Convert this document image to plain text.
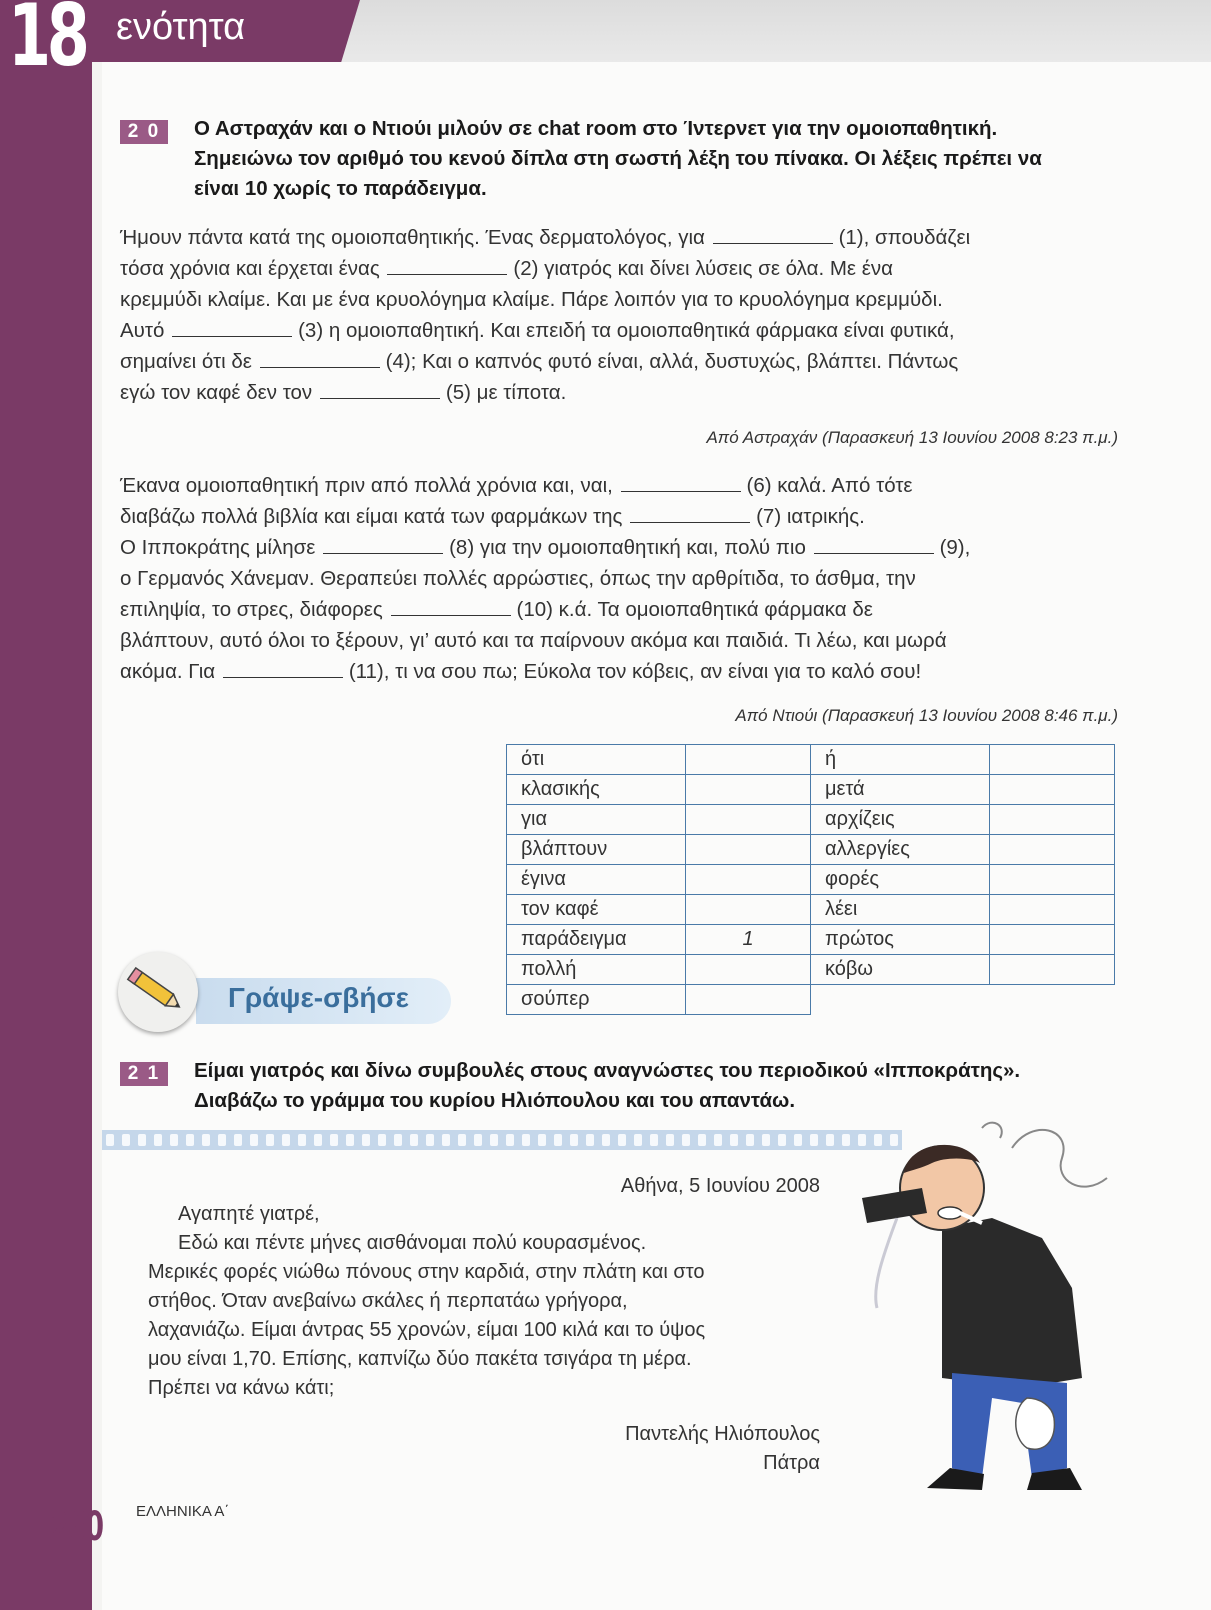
18 ενότητα
2 0	Ο Αστραχάν και ο Ντιούι μιλούν σε chat room στο Ίντερνετ για την ομοιοπαθητική.
Σημειώνω τον αριθμό του κενού δίπλα στη σωστή λέξη του πίνακα. Οι λέξεις πρέπει να
είναι 10 χωρίς το παράδειγμα.
Ήμουν πάντα κατά της ομοιοπαθητικής. Ένας δερματολόγος, για	(1), σπουδάζει
τόσα χρόνια και έρχεται ένας	(2) γιατρός και δίνει λύσεις σε όλα. Με ένα
κρεμμύδι κλαίμε. Και με ένα κρυολόγημα κλαίμε. Πάρε λοιπόν για το κρυολόγημα κρεμμύδι.
Αυτό	(3) η ομοιοπαθητική. Και επειδή τα ομοιοπαθητικά φάρμακα είναι φυτικά,
σημαίνει ότι δε	(4); Και ο καπνός φυτό είναι, αλλά, δυστυχώς, βλάπτει. Πάντως
εγώ τον καφέ δεν τον	(5) με τίποτα.
Από Αστραχάν (Παρασκευή 13 Ιουνίου 2008 8:23 π.μ.)
Έκανα ομοιοπαθητική πριν από πολλά χρόνια και, ναι,	(6) καλά. Από τότε
διαβάζω πολλά βιβλία και είμαι κατά των φαρμάκων της	(7) ιατρικής.
Ο Ιπποκράτης μίλησε	(8) για την ομοιοπαθητική και, πολύ πιο	(9),
ο Γερμανός Χάνεμαν. Θεραπεύει πολλές αρρώστιες, όπως την αρθρίτιδα, το άσθμα, την
επιληψία, το στρες, διάφορες	(10) κ.ά. Τα ομοιοπαθητικά φάρμακα δε
βλάπτουν, αυτό όλοι το ξέρουν, γι’ αυτό και τα παίρνουν ακόμα και παιδιά. Τι λέω, και μωρά
ακόμα. Για	(11), τι να σου πω; Εύκολα τον κόβεις, αν είναι για το καλό σου!
Από Ντιούι (Παρασκευή 13 Ιουνίου 2008 8:46 π.μ.)
ότι		ή	
κλασικής		μετά	
για		αρχίζεις	
βλάπτουν		αλλεργίες	
έγινα		φορές	
τον καφέ		λέει	
παράδειγμα	1	πρώτος	
πολλή		κόβω	
σούπερ			
Γράψε-σβήσε
2 1	Είμαι γιατρός και δίνω συμβουλές στους αναγνώστες του περιοδικού «Ιπποκράτης».
Διαβάζω το γράμμα του κυρίου Ηλιόπουλου και του απαντάω.
Αθήνα, 5 Ιουνίου 2008
Αγαπητέ γιατρέ,
Εδώ και πέντε μήνες αισθάνομαι πολύ κουρασμένος.
Μερικές φορές νιώθω πόνους στην καρδιά, στην πλάτη και στο
στήθος. Όταν ανεβαίνω σκάλες ή περπατάω γρήγορα,
λαχανιάζω. Είμαι άντρας 55 χρονών, είμαι 100 κιλά και το ύψος
μου είναι 1,70. Επίσης, καπνίζω δύο πακέτα τσιγάρα τη μέρα.
Πρέπει να κάνω κάτι;
Παντελής Ηλιόπουλος
Πάτρα
260 ΕΛΛΗΝΙΚΑ Α΄
